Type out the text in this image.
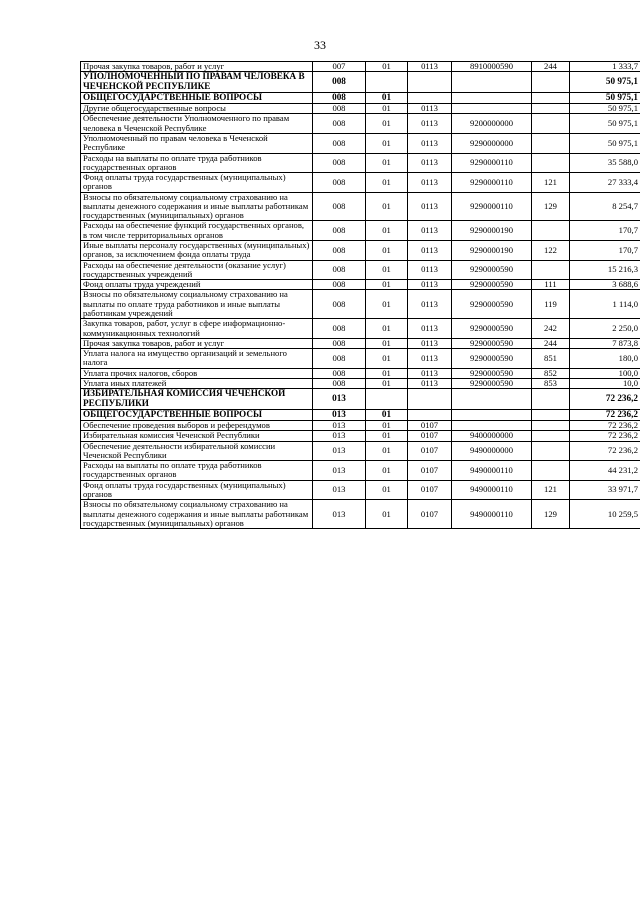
33
Прочая закупка товаров, работ и услуг	007	01	0113	8910000590	244	1 333,7
УПОЛНОМОЧЕННЫЙ ПО ПРАВАМ ЧЕЛОВЕКА В ЧЕЧЕНСКОЙ РЕСПУБЛИКЕ	008					50 975,1
ОБЩЕГОСУДАРСТВЕННЫЕ ВОПРОСЫ	008	01				50 975,1
Другие общегосударственные вопросы	008	01	0113			50 975,1
Обеспечение деятельности Уполномоченного по правам человека в Чеченской Республике	008	01	0113	9200000000		50 975,1
Уполномоченный по правам человека в Чеченской Республике	008	01	0113	9290000000		50 975,1
Расходы на выплаты по оплате труда работников государственных органов	008	01	0113	9290000110		35 588,0
Фонд оплаты труда государственных (муниципальных) органов	008	01	0113	9290000110	121	27 333,4
Взносы по обязательному социальному страхованию на выплаты денежного содержания и иные выплаты работникам государственных (муниципальных) органов	008	01	0113	9290000110	129	8 254,7
Расходы на обеспечение функций государственных органов, в том числе территориальных органов	008	01	0113	9290000190		170,7
Иные выплаты персоналу государственных (муниципальных) органов, за исключением фонда оплаты труда	008	01	0113	9290000190	122	170,7
Расходы на обеспечение деятельности (оказание услуг) государственных учреждений	008	01	0113	9290000590		15 216,3
Фонд оплаты труда учреждений	008	01	0113	9290000590	111	3 688,6
Взносы по обязательному социальному страхованию на выплаты по оплате труда работников и иные выплаты работникам учреждений	008	01	0113	9290000590	119	1 114,0
Закупка товаров, работ, услуг в сфере информационно-коммуникационных технологий	008	01	0113	9290000590	242	2 250,0
Прочая закупка товаров, работ и услуг	008	01	0113	9290000590	244	7 873,8
Уплата налога на имущество организаций и земельного налога	008	01	0113	9290000590	851	180,0
Уплата прочих налогов, сборов	008	01	0113	9290000590	852	100,0
Уплата иных платежей	008	01	0113	9290000590	853	10,0
ИЗБИРАТЕЛЬНАЯ КОМИССИЯ ЧЕЧЕНСКОЙ РЕСПУБЛИКИ	013					72 236,2
ОБЩЕГОСУДАРСТВЕННЫЕ ВОПРОСЫ	013	01				72 236,2
Обеспечение проведения выборов и референдумов	013	01	0107			72 236,2
Избирательная комиссия Чеченской Республики	013	01	0107	9400000000		72 236,2
Обеспечение деятельности избирательной комиссии Чеченской Республики	013	01	0107	9490000000		72 236,2
Расходы на выплаты по оплате труда работников государственных органов	013	01	0107	9490000110		44 231,2
Фонд оплаты труда государственных (муниципальных) органов	013	01	0107	9490000110	121	33 971,7
Взносы по обязательному социальному страхованию на выплаты денежного содержания и иные выплаты работникам государственных (муниципальных) органов	013	01	0107	9490000110	129	10 259,5
